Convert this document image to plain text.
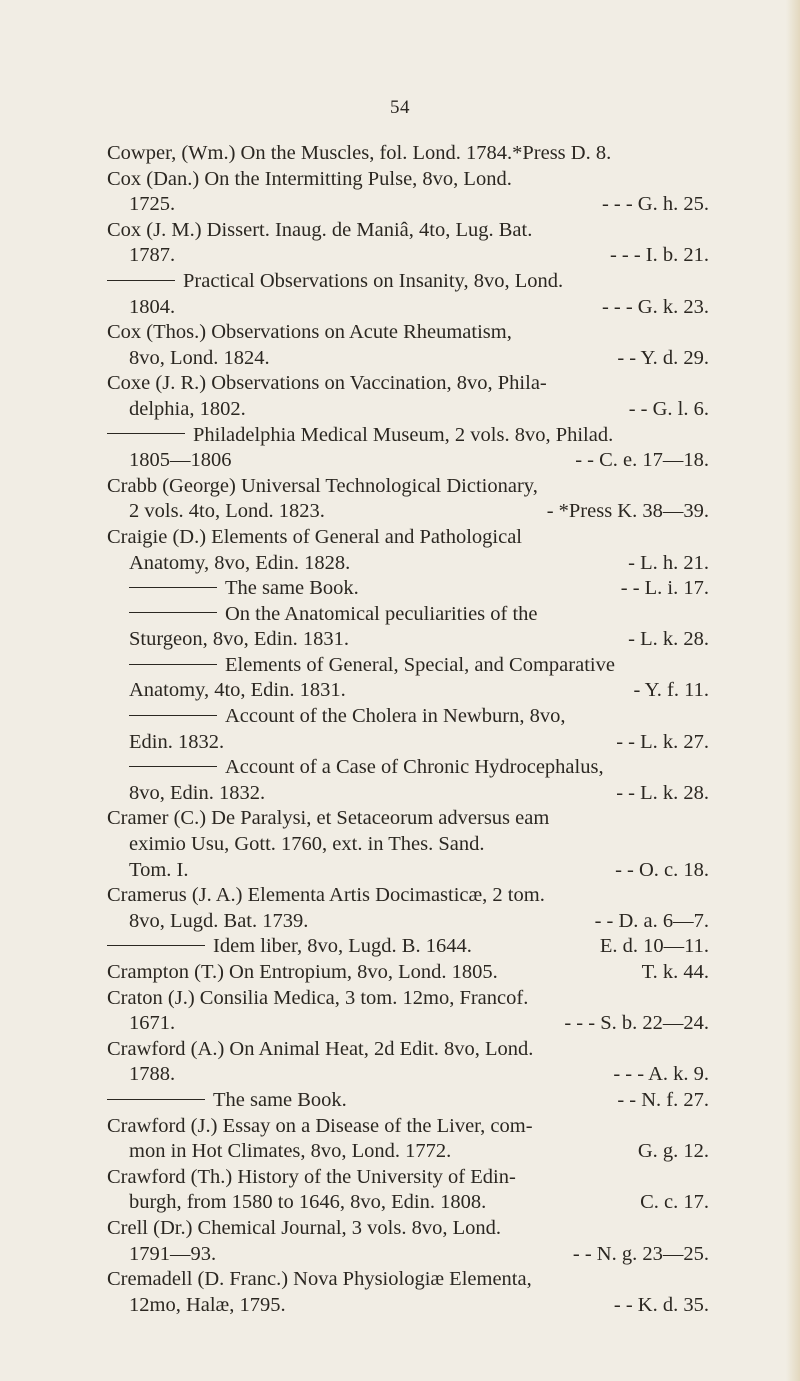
54
Cowper, (Wm.) On the Muscles, fol. Lond. 1784.*Press D. 8.
Cox (Dan.) On the Intermitting Pulse, 8vo, Lond.
1725.	- - - G. h. 25.
Cox (J. M.) Dissert. Inaug. de Maniâ, 4to, Lug. Bat.
1787.	- - - I. b. 21.
Practical Observations on Insanity, 8vo, Lond.
1804.	- - - G. k. 23.
Cox (Thos.) Observations on Acute Rheumatism,
8vo, Lond. 1824.	- - Y. d. 29.
Coxe (J. R.) Observations on Vaccination, 8vo, Phila-
delphia, 1802.	- - G. l. 6.
Philadelphia Medical Museum, 2 vols. 8vo, Philad.
1805—1806	- - C. e. 17—18.
Crabb (George) Universal Technological Dictionary,
2 vols. 4to, Lond. 1823.	- *Press K. 38—39.
Craigie (D.) Elements of General and Pathological
Anatomy, 8vo, Edin. 1828.	- L. h. 21.
The same Book.	- - L. i. 17.
On the Anatomical peculiarities of the
Sturgeon, 8vo, Edin. 1831.	- L. k. 28.
Elements of General, Special, and Comparative
Anatomy, 4to, Edin. 1831.	- Y. f. 11.
Account of the Cholera in Newburn, 8vo,
Edin. 1832.	- - L. k. 27.
Account of a Case of Chronic Hydrocephalus,
8vo, Edin. 1832.	- - L. k. 28.
Cramer (C.) De Paralysi, et Setaceorum adversus eam
eximio Usu, Gott. 1760, ext. in Thes. Sand.
Tom. I.	- - O. c. 18.
Cramerus (J. A.) Elementa Artis Docimasticæ, 2 tom.
8vo, Lugd. Bat. 1739.	- - D. a. 6—7.
Idem liber, 8vo, Lugd. B. 1644.	E. d. 10—11.
Crampton (T.) On Entropium, 8vo, Lond. 1805.	T. k. 44.
Craton (J.) Consilia Medica, 3 tom. 12mo, Francof.
1671.	- - - S. b. 22—24.
Crawford (A.) On Animal Heat, 2d Edit. 8vo, Lond.
1788.	- - - A. k. 9.
The same Book.	- - N. f. 27.
Crawford (J.) Essay on a Disease of the Liver, com-
mon in Hot Climates, 8vo, Lond. 1772.	G. g. 12.
Crawford (Th.) History of the University of Edin-
burgh, from 1580 to 1646, 8vo, Edin. 1808.	C. c. 17.
Crell (Dr.) Chemical Journal, 3 vols. 8vo, Lond.
1791—93.	- - N. g. 23—25.
Cremadell (D. Franc.) Nova Physiologiæ Elementa,
12mo, Halæ, 1795.	- - K. d. 35.
